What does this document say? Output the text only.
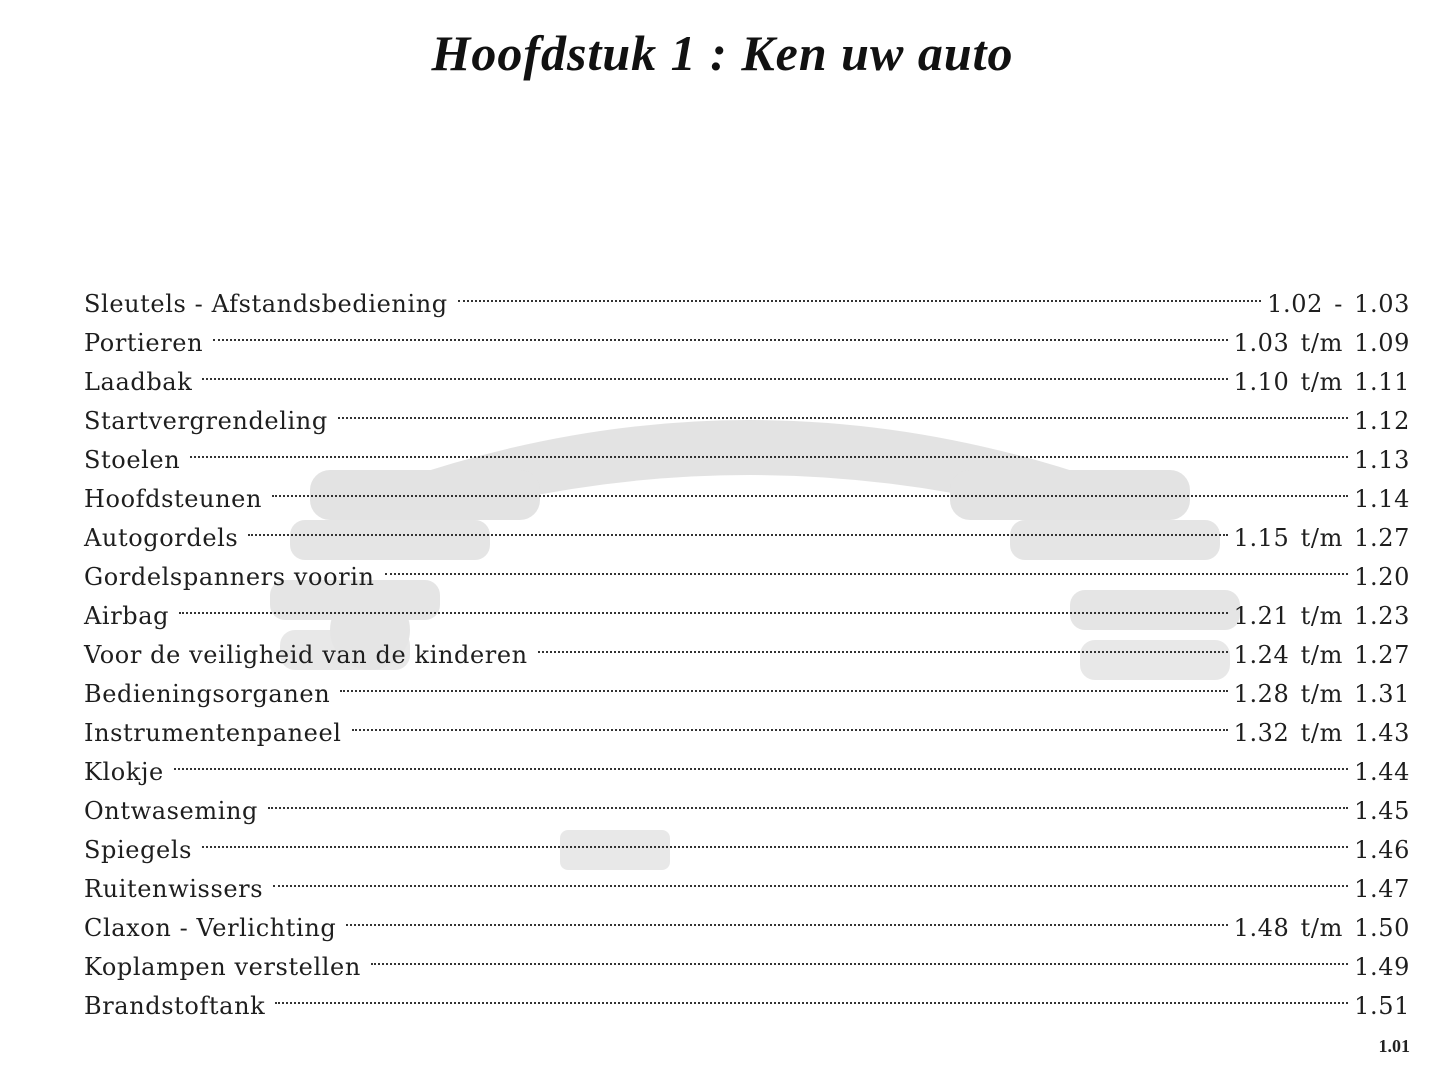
Hoofdstuk 1 : Ken uw auto
Sleutels - Afstandsbediening	1.02 - 1.03
Portieren	1.03 t/m 1.09
Laadbak	1.10 t/m 1.11
Startvergrendeling	1.12
Stoelen	1.13
Hoofdsteunen	1.14
Autogordels	1.15 t/m 1.27
Gordelspanners voorin	1.20
Airbag	1.21 t/m 1.23
Voor de veiligheid van de kinderen	1.24 t/m 1.27
Bedieningsorganen	1.28 t/m 1.31
Instrumentenpaneel	1.32 t/m 1.43
Klokje	1.44
Ontwaseming	1.45
Spiegels	1.46
Ruitenwissers	1.47
Claxon - Verlichting	1.48 t/m 1.50
Koplampen verstellen	1.49
Brandstoftank	1.51
1.01
